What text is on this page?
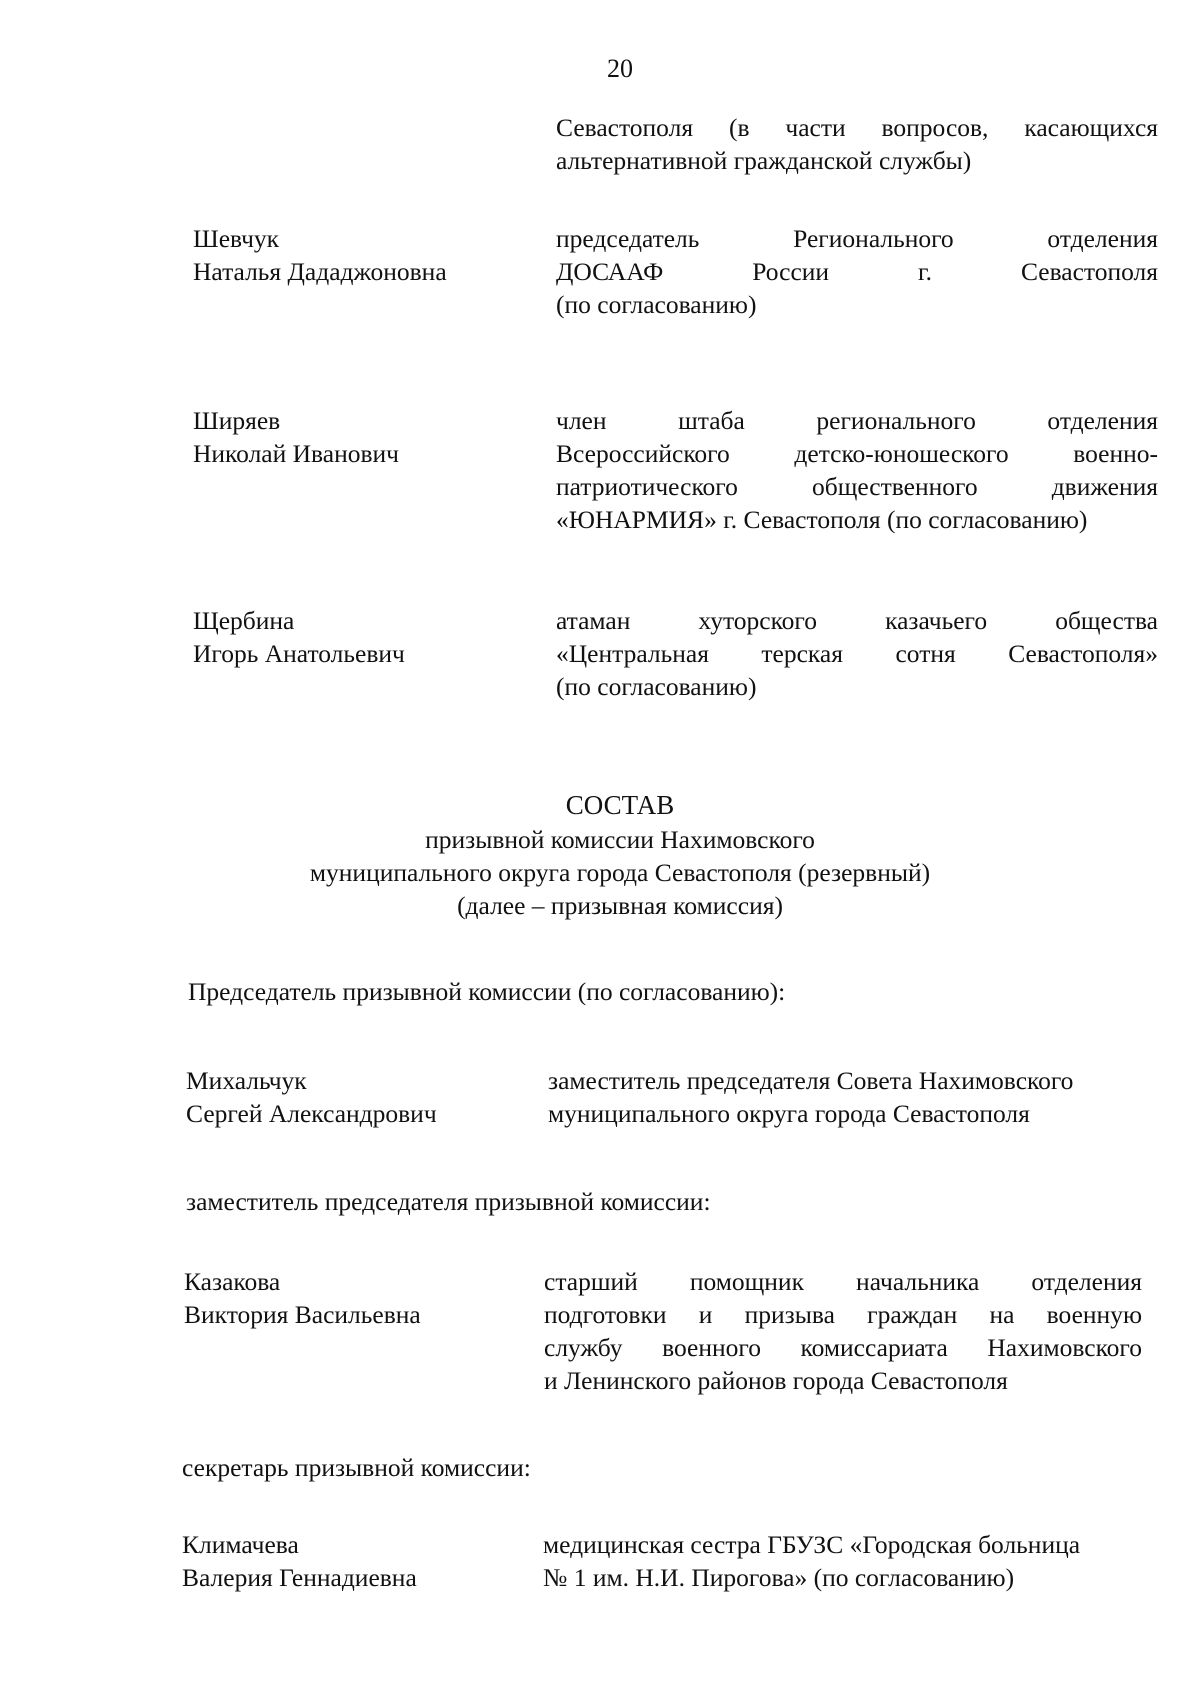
20
Севастополя (в части вопросов, касающихся
альтернативной гражданской службы)
Шевчук
Наталья Дададжоновна
председатель Регионального отделения
ДОСААФ России г. Севастополя
(по согласованию)
Ширяев
Николай Иванович
член штаба регионального отделения
Всероссийского детско-юношеского военно-
патриотического общественного движения
«ЮНАРМИЯ» г. Севастополя (по согласованию)
Щербина
Игорь Анатольевич
атаман хуторского казачьего общества
«Центральная терская сотня Севастополя»
(по согласованию)
СОСТАВ
призывной комиссии Нахимовского
муниципального округа города Севастополя (резервный)
(далее – призывная комиссия)
Председатель призывной комиссии (по согласованию):
Михальчук
Сергей Александрович
заместитель председателя Совета Нахимовского
муниципального округа города Севастополя
заместитель председателя призывной комиссии:
Казакова
Виктория Васильевна
старший помощник начальника отделения
подготовки и призыва граждан на военную
службу военного комиссариата Нахимовского
и Ленинского районов города Севастополя
секретарь призывной комиссии:
Климачева
Валерия Геннадиевна
медицинская сестра ГБУЗС «Городская больница
№ 1 им. Н.И. Пирогова» (по согласованию)
